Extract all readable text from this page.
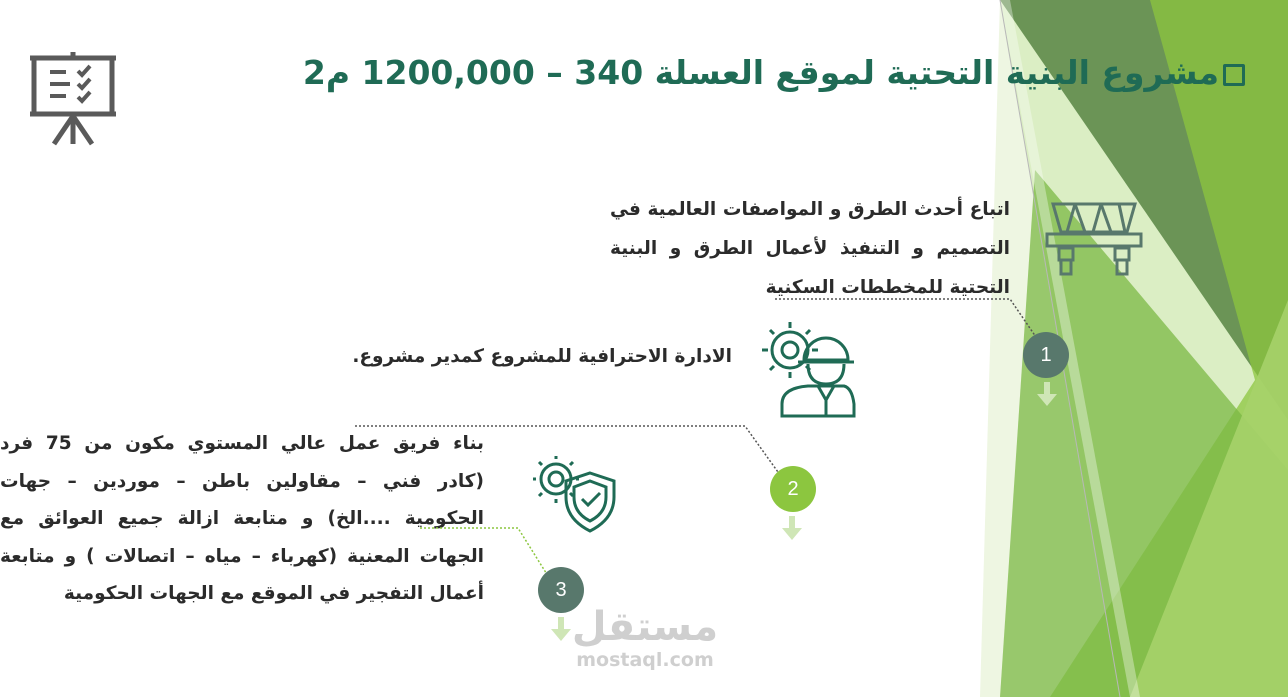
مشروع البنية التحتية لموقع العسلة 340 – 1200,000 م2
اتباع أحدث الطرق و المواصفات العالمية في التصميم و التنفيذ لأعمال الطرق و البنية التحتية للمخططات السكنية
1
الادارة الاحترافية للمشروع كمدير مشروع.
2
بناء فريق عمل عالي المستوي مكون من 75 فرد (كادر فني – مقاولين باطن – موردين – جهات الحكومية ....الخ) و متابعة ازالة جميع العوائق مع الجهات المعنية (كهرباء – مياه – اتصالات ) و متابعة أعمال التفجير في الموقع مع الجهات الحكومية	3
مستقل
mostaql.com
